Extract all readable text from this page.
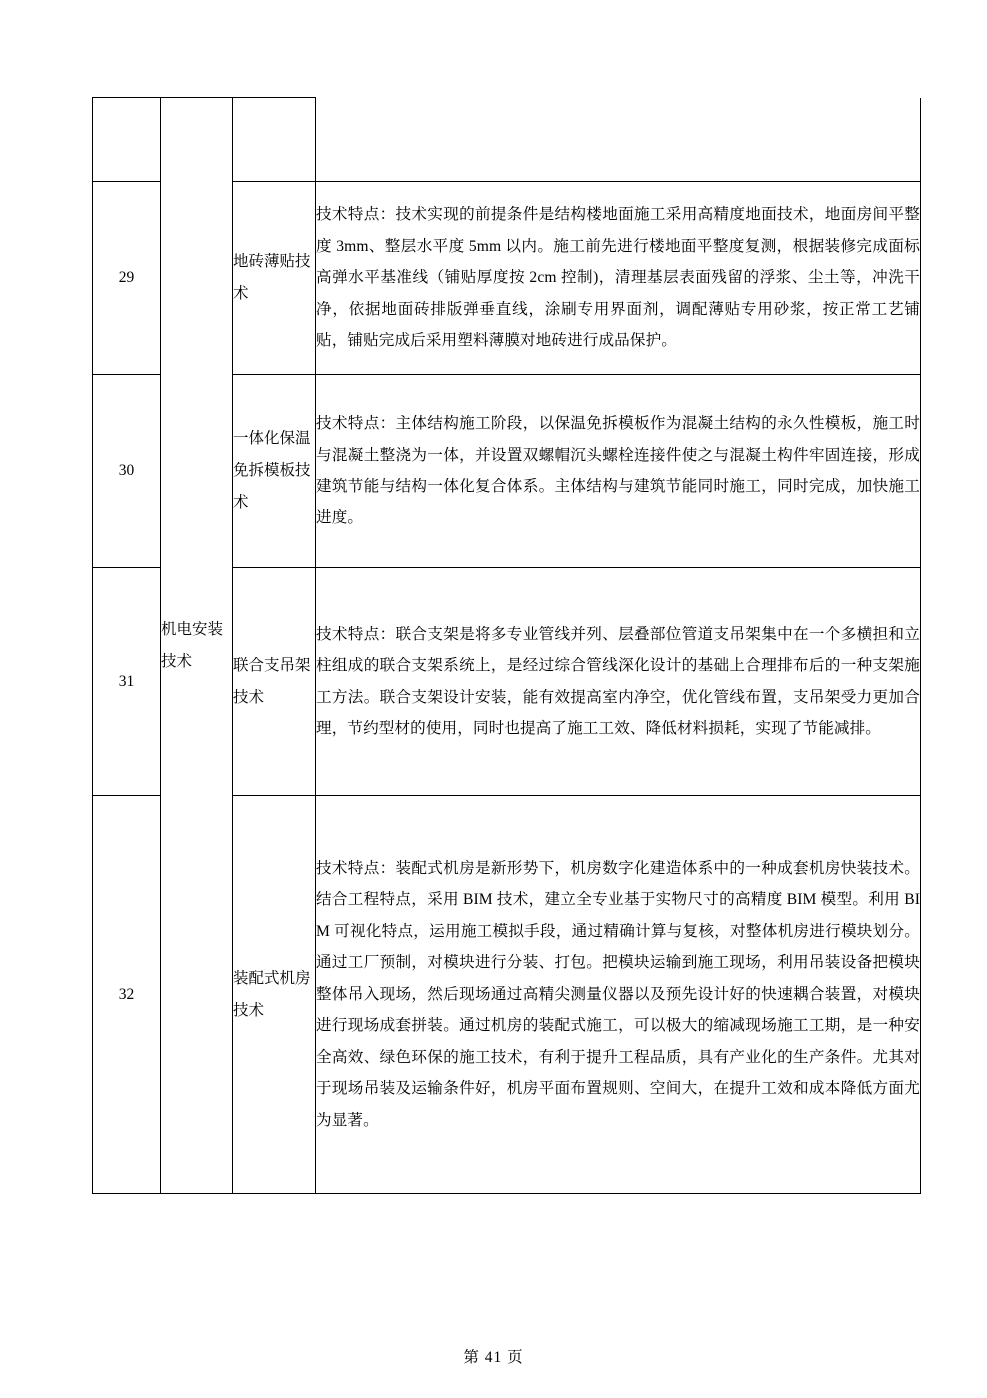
	机电安装技术		

29		地砖薄贴技术	技术特点：技术实现的前提条件是结构楼地面施工采用高精度地面技术，地面房间平整度 3mm、整层水平度 5mm 以内。施工前先进行楼地面平整度复测，根据装修完成面标高弹水平基准线（铺贴厚度按 2cm 控制)，清理基层表面残留的浮浆、尘土等，冲洗干净，依据地面砖排版弹垂直线，涂刷专用界面剂，调配薄贴专用砂浆，按正常工艺铺贴，铺贴完成后采用塑料薄膜对地砖进行成品保护。
30		一体化保温免拆模板技术	技术特点：主体结构施工阶段，以保温免拆模板作为混凝土结构的永久性模板，施工时与混凝土整浇为一体，并设置双螺帽沉头螺栓连接件使之与混凝土构件牢固连接，形成建筑节能与结构一体化复合体系。主体结构与建筑节能同时施工，同时完成，加快施工进度。
31		联合支吊架技术	技术特点：联合支架是将多专业管线并列、层叠部位管道支吊架集中在一个多横担和立柱组成的联合支架系统上，是经过综合管线深化设计的基础上合理排布后的一种支架施工方法。联合支架设计安装，能有效提高室内净空，优化管线布置，支吊架受力更加合理，节约型材的使用，同时也提高了施工工效、降低材料损耗，实现了节能减排。
32		装配式机房技术	技术特点：装配式机房是新形势下，机房数字化建造体系中的一种成套机房快装技术。结合工程特点，采用 BIM 技术，建立全专业基于实物尺寸的高精度 BIM 模型。利用 BIM 可视化特点，运用施工模拟手段，通过精确计算与复核，对整体机房进行模块划分。通过工厂预制，对模块进行分装、打包。把模块运输到施工现场，利用吊装设备把模块整体吊入现场，然后现场通过高精尖测量仪器以及预先设计好的快速耦合装置，对模块进行现场成套拼装。通过机房的装配式施工，可以极大的缩减现场施工工期，是一种安全高效、绿色环保的施工技术，有利于提升工程品质，具有产业化的生产条件。尤其对于现场吊装及运输条件好，机房平面布置规则、空间大，在提升工效和成本降低方面尤为显著。
第 41 页
